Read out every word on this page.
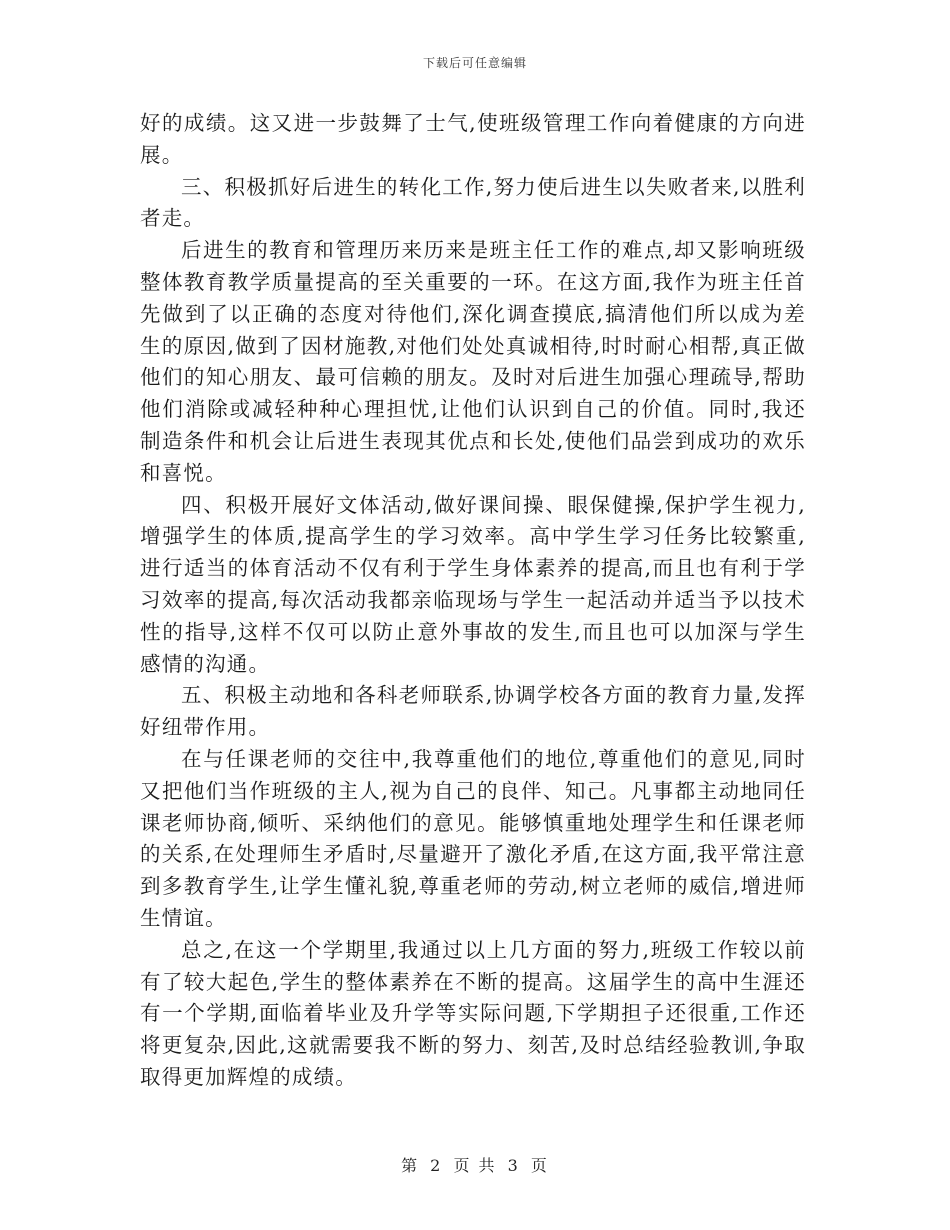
下载后可任意编辑

好的成绩。这又进一步鼓舞了士气,使班级管理工作向着健康的方向进展。

三、积极抓好后进生的转化工作,努力使后进生以失败者来,以胜利者走。

后进生的教育和管理历来历来是班主任工作的难点,却又影响班级整体教育教学质量提高的至关重要的一环。在这方面,我作为班主任首先做到了以正确的态度对待他们,深化调查摸底,搞清他们所以成为差生的原因,做到了因材施教,对他们处处真诚相待,时时耐心相帮,真正做他们的知心朋友、最可信赖的朋友。及时对后进生加强心理疏导,帮助他们消除或减轻种种心理担忧,让他们认识到自己的价值。同时,我还制造条件和机会让后进生表现其优点和长处,使他们品尝到成功的欢乐和喜悦。

四、积极开展好文体活动,做好课间操、眼保健操,保护学生视力,增强学生的体质,提高学生的学习效率。高中学生学习任务比较繁重,进行适当的体育活动不仅有利于学生身体素养的提高,而且也有利于学习效率的提高,每次活动我都亲临现场与学生一起活动并适当予以技术性的指导,这样不仅可以防止意外事故的发生,而且也可以加深与学生感情的沟通。

五、积极主动地和各科老师联系,协调学校各方面的教育力量,发挥好纽带作用。

在与任课老师的交往中,我尊重他们的地位,尊重他们的意见,同时又把他们当作班级的主人,视为自己的良伴、知己。凡事都主动地同任课老师协商,倾听、采纳他们的意见。能够慎重地处理学生和任课老师的关系,在处理师生矛盾时,尽量避开了激化矛盾,在这方面,我平常注意到多教育学生,让学生懂礼貌,尊重老师的劳动,树立老师的威信,增进师生情谊。

总之,在这一个学期里,我通过以上几方面的努力,班级工作较以前有了较大起色,学生的整体素养在不断的提高。这届学生的高中生涯还有一个学期,面临着毕业及升学等实际问题,下学期担子还很重,工作还将更复杂,因此,这就需要我不断的努力、刻苦,及时总结经验教训,争取取得更加辉煌的成绩。

第 2 页 共 3 页
